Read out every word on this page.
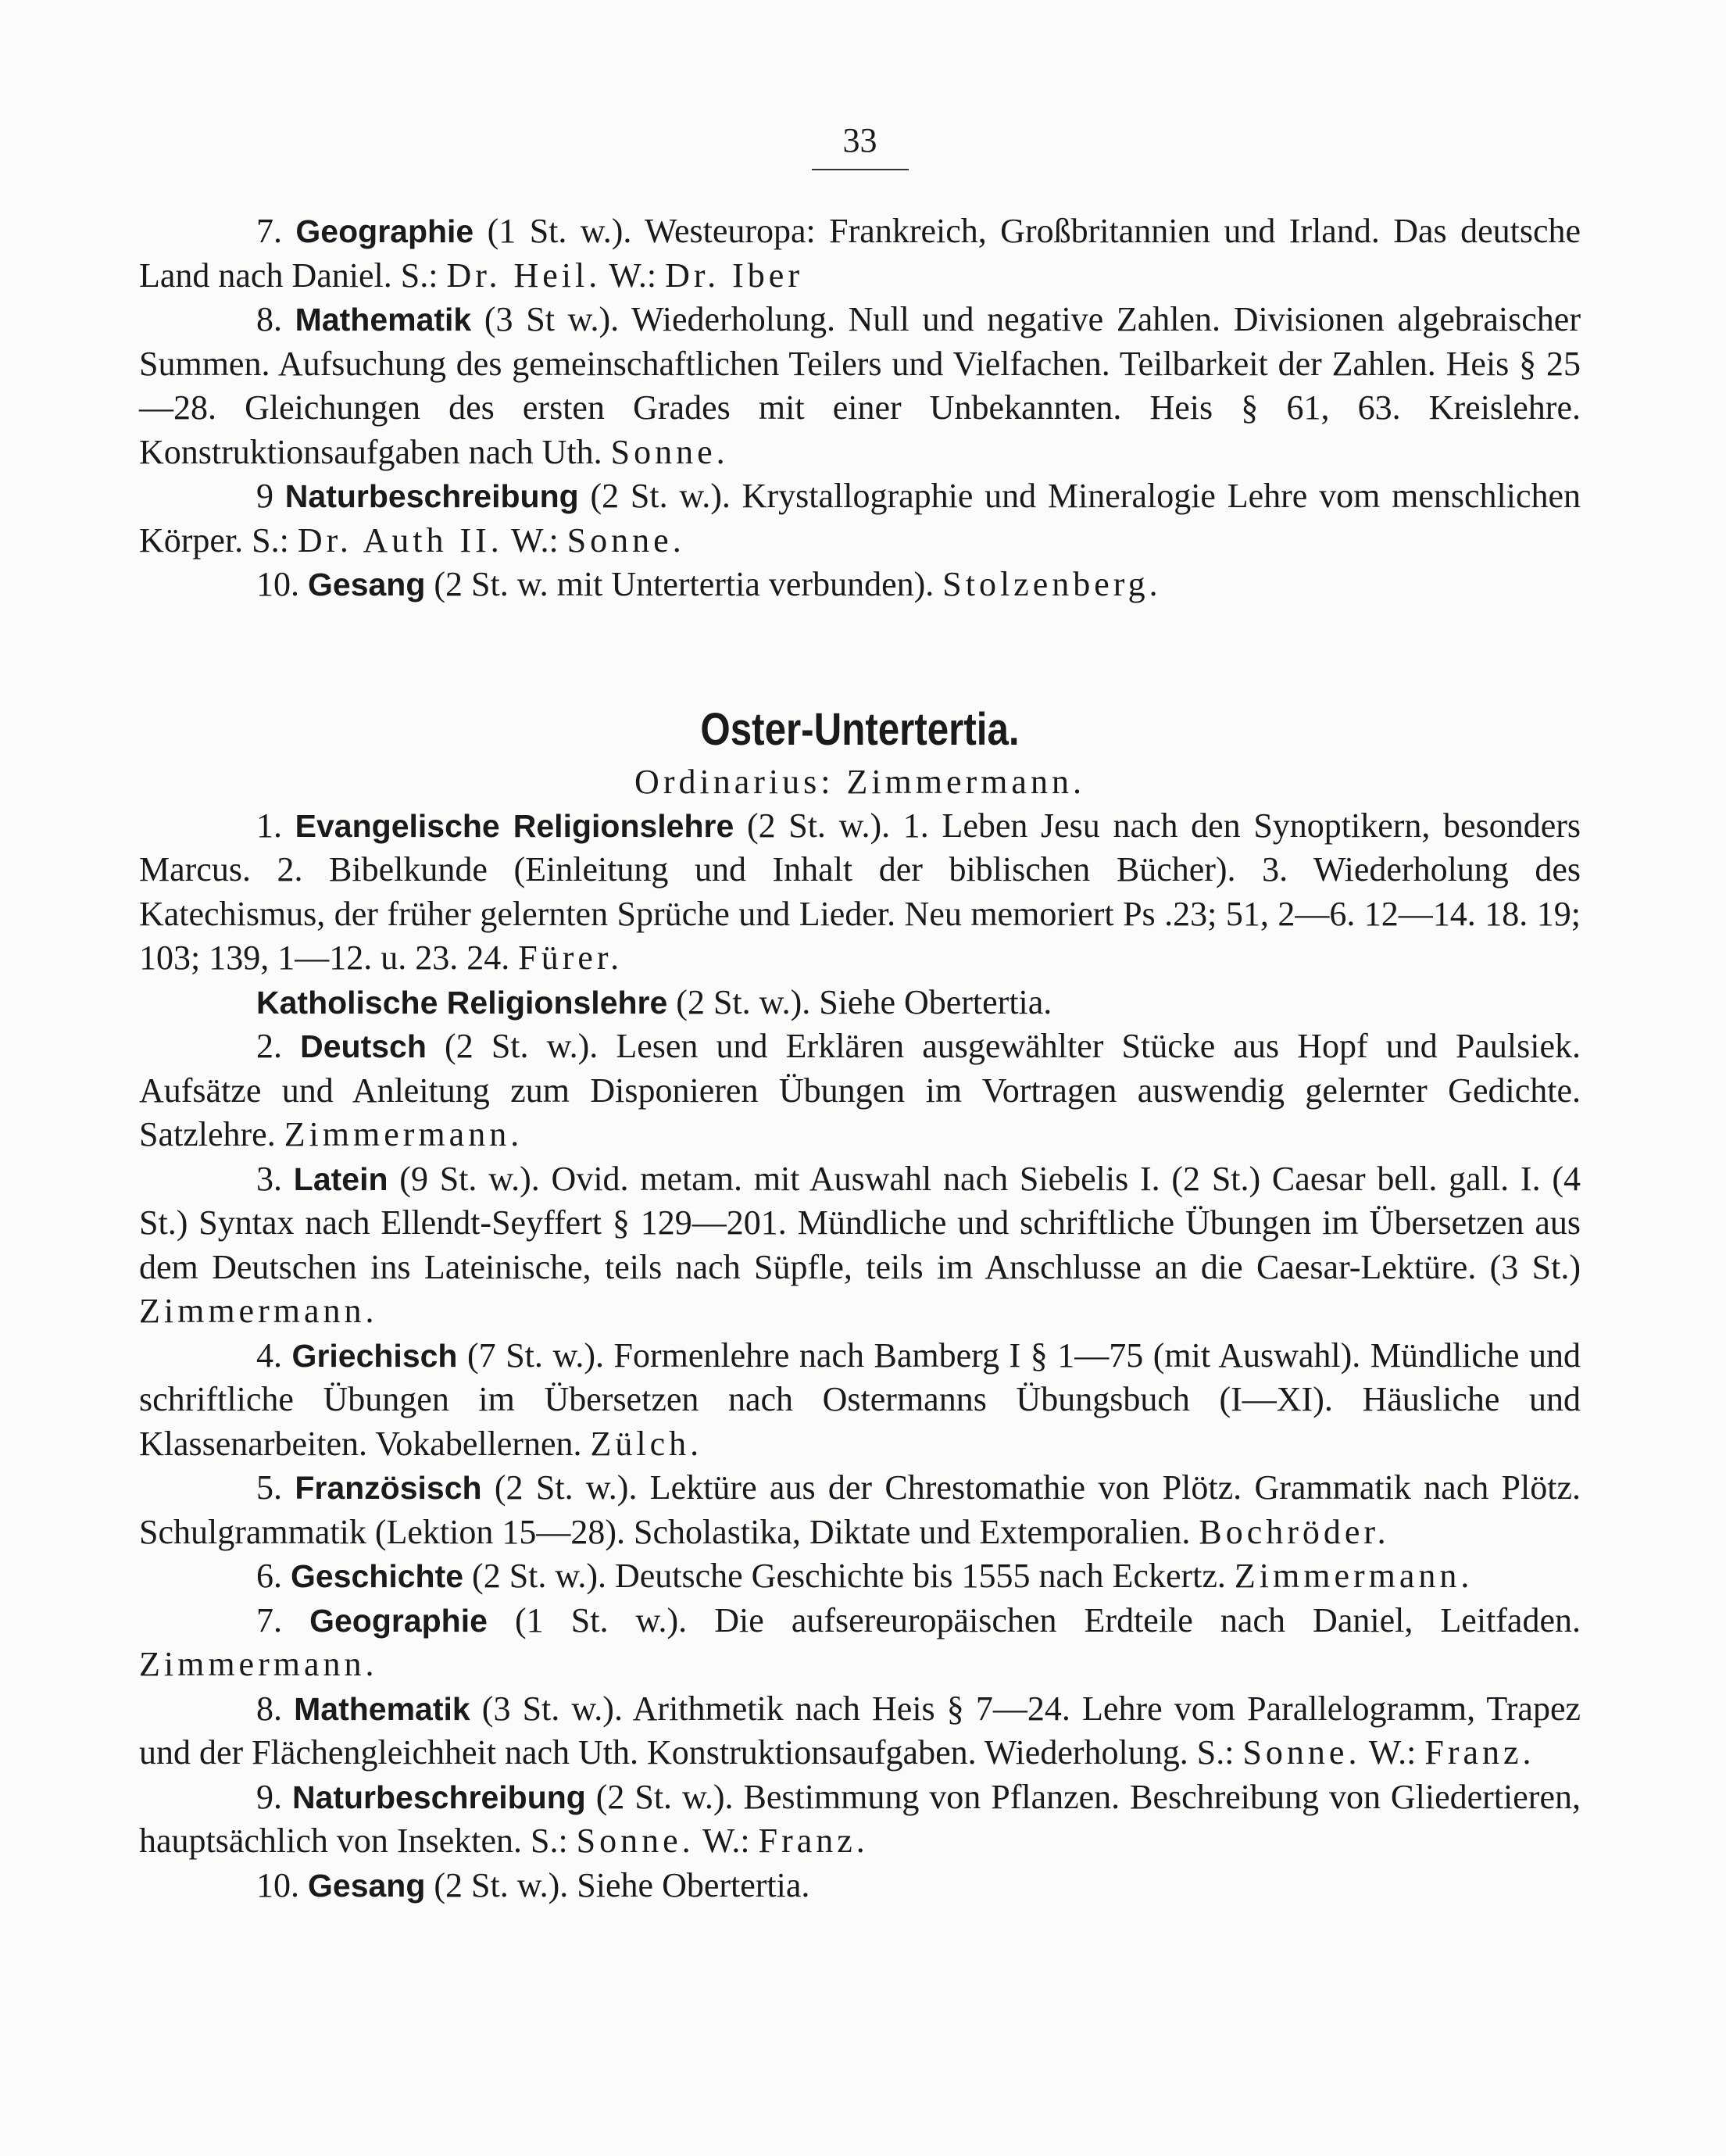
33

7. Geographie (1 St. w.). Westeuropa: Frankreich, Großbritannien und Irland. Das deutsche Land nach Daniel. S.: Dr. Heil. W.: Dr. Iber

8. Mathematik (3 St w.). Wiederholung. Null und negative Zahlen. Divisionen algebraischer Summen. Aufsuchung des gemeinschaftlichen Teilers und Vielfachen. Teilbarkeit der Zahlen. Heis § 25—28. Gleichungen des ersten Grades mit einer Unbekannten. Heis § 61, 63. Kreislehre. Konstruktionsaufgaben nach Uth. Sonne.

9 Naturbeschreibung (2 St. w.). Krystallographie und Mineralogie Lehre vom menschlichen Körper. S.: Dr. Auth II. W.: Sonne.

10. Gesang (2 St. w. mit Untertertia verbunden). Stolzenberg.

Oster-Untertertia.
Ordinarius: Zimmermann.

1. Evangelische Religionslehre (2 St. w.). 1. Leben Jesu nach den Synoptikern, besonders Marcus. 2. Bibelkunde (Einleitung und Inhalt der biblischen Bücher). 3. Wiederholung des Katechismus, der früher gelernten Sprüche und Lieder. Neu memoriert Ps .23; 51, 2—6. 12—14. 18. 19; 103; 139, 1—12. u. 23. 24. Fürer.

Katholische Religionslehre (2 St. w.). Siehe Obertertia.

2. Deutsch (2 St. w.). Lesen und Erklären ausgewählter Stücke aus Hopf und Paulsiek. Aufsätze und Anleitung zum Disponieren Übungen im Vortragen auswendig gelernter Gedichte. Satzlehre. Zimmermann.

3. Latein (9 St. w.). Ovid. metam. mit Auswahl nach Siebelis I. (2 St.) Caesar bell. gall. I. (4 St.) Syntax nach Ellendt-Seyffert § 129—201. Mündliche und schriftliche Übungen im Übersetzen aus dem Deutschen ins Lateinische, teils nach Süpfle, teils im Anschlusse an die Caesar-Lektüre. (3 St.) Zimmermann.

4. Griechisch (7 St. w.). Formenlehre nach Bamberg I § 1—75 (mit Auswahl). Mündliche und schriftliche Übungen im Übersetzen nach Ostermanns Übungsbuch (I—XI). Häusliche und Klassenarbeiten. Vokabellernen. Zülch.

5. Französisch (2 St. w.). Lektüre aus der Chrestomathie von Plötz. Grammatik nach Plötz. Schulgrammatik (Lektion 15—28). Scholastika, Diktate und Extemporalien. Bochröder.

6. Geschichte (2 St. w.). Deutsche Geschichte bis 1555 nach Eckertz. Zimmermann.

7. Geographie (1 St. w.). Die aufsereuropäischen Erdteile nach Daniel, Leitfaden. Zimmermann.

8. Mathematik (3 St. w.). Arithmetik nach Heis § 7—24. Lehre vom Parallelogramm, Trapez und der Flächengleichheit nach Uth. Konstruktionsaufgaben. Wiederholung. S.: Sonne. W.: Franz.

9. Naturbeschreibung (2 St. w.). Bestimmung von Pflanzen. Beschreibung von Gliedertieren, hauptsächlich von Insekten. S.: Sonne. W.: Franz.

10. Gesang (2 St. w.). Siehe Obertertia.
